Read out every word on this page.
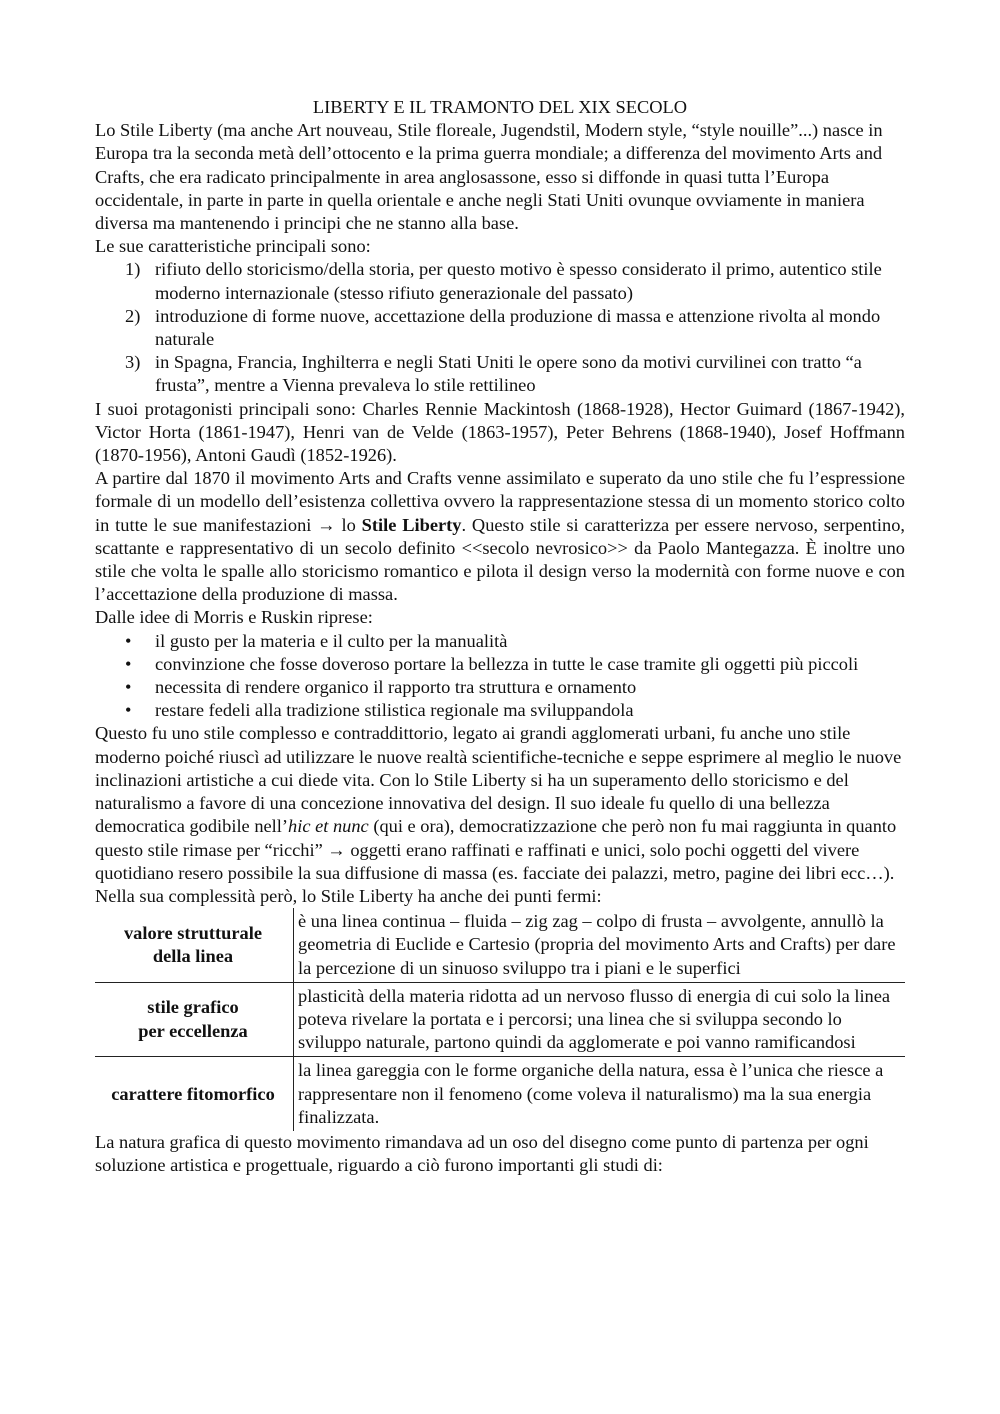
LIBERTY E IL TRAMONTO DEL XIX SECOLO

Lo Stile Liberty (ma anche Art nouveau, Stile floreale, Jugendstil, Modern style, “style nouille”...) nasce in Europa tra la seconda metà dell’ottocento e la prima guerra mondiale; a differenza del movimento Arts and Crafts, che era radicato principalmente in area anglosassone, esso si diffonde in quasi tutta l’Europa occidentale, in parte in parte in quella orientale e anche negli Stati Uniti ovunque ovviamente in maniera diversa ma mantenendo i principi che ne stanno alla base.

Le sue caratteristiche principali sono:

1) rifiuto dello storicismo/della storia, per questo motivo è spesso considerato il primo, autentico stile moderno internazionale (stesso rifiuto generazionale del passato)
2) introduzione di forme nuove, accettazione della produzione di massa e attenzione rivolta al mondo naturale
3) in Spagna, Francia, Inghilterra e negli Stati Uniti le opere sono da motivi curvilinei con tratto “a frusta”, mentre a Vienna prevaleva lo stile rettilineo

I suoi protagonisti principali sono: Charles Rennie Mackintosh (1868-1928), Hector Guimard (1867-1942), Victor Horta (1861-1947), Henri van de Velde (1863-1957), Peter Behrens (1868-1940), Josef Hoffmann (1870-1956), Antoni Gaudì (1852-1926).

A partire dal 1870 il movimento Arts and Crafts venne assimilato e superato da uno stile che fu l’espressione formale di un modello dell’esistenza collettiva ovvero la rappresentazione stessa di un momento storico colto in tutte le sue manifestazioni → lo Stile Liberty. Questo stile si caratterizza per essere nervoso, serpentino, scattante e rappresentativo di un secolo definito <<secolo nevrosico>> da Paolo Mantegazza. È inoltre uno stile che volta le spalle allo storicismo romantico e pilota il design verso la modernità con forme nuove e con l’accettazione della produzione di massa.

Dalle idee di Morris e Ruskin riprese:

• il gusto per la materia e il culto per la manualità
• convinzione che fosse doveroso portare la bellezza in tutte le case tramite gli oggetti più piccoli
• necessita di rendere organico il rapporto tra struttura e ornamento
• restare fedeli alla tradizione stilistica regionale ma sviluppandola

Questo fu uno stile complesso e contraddittorio, legato ai grandi agglomerati urbani, fu anche uno stile moderno poiché riuscì ad utilizzare le nuove realtà scientifiche-tecniche e seppe esprimere al meglio le nuove inclinazioni artistiche a cui diede vita. Con lo Stile Liberty si ha un superamento dello storicismo e del naturalismo a favore di una concezione innovativa del design. Il suo ideale fu quello di una bellezza democratica godibile nell’hic et nunc (qui e ora), democratizzazione che però non fu mai raggiunta in quanto questo stile rimase per “ricchi” → oggetti erano raffinati e raffinati e unici, solo pochi oggetti del vivere quotidiano resero possibile la sua diffusione di massa (es. facciate dei palazzi, metro, pagine dei libri ecc…). Nella sua complessità però, lo Stile Liberty ha anche dei punti fermi:

valore strutturale
della linea	è una linea continua – fluida – zig zag – colpo di frusta – avvolgente, annullò la geometria di Euclide e Cartesio (propria del movimento Arts and Crafts) per dare la percezione di un sinuoso sviluppo tra i piani e le superfici

stile grafico
per eccellenza	plasticità della materia ridotta ad un nervoso flusso di energia di cui solo la linea poteva rivelare la portata e i percorsi; una linea che si sviluppa secondo lo sviluppo naturale, partono quindi da agglomerate e poi vanno ramificandosi

carattere fitomorfico	la linea gareggia con le forme organiche della natura, essa è l’unica che riesce a rappresentare non il fenomeno (come voleva il naturalismo) ma la sua energia finalizzata.

La natura grafica di questo movimento rimandava ad un oso del disegno come punto di partenza per ogni soluzione artistica e progettuale, riguardo a ciò furono importanti gli studi di:
